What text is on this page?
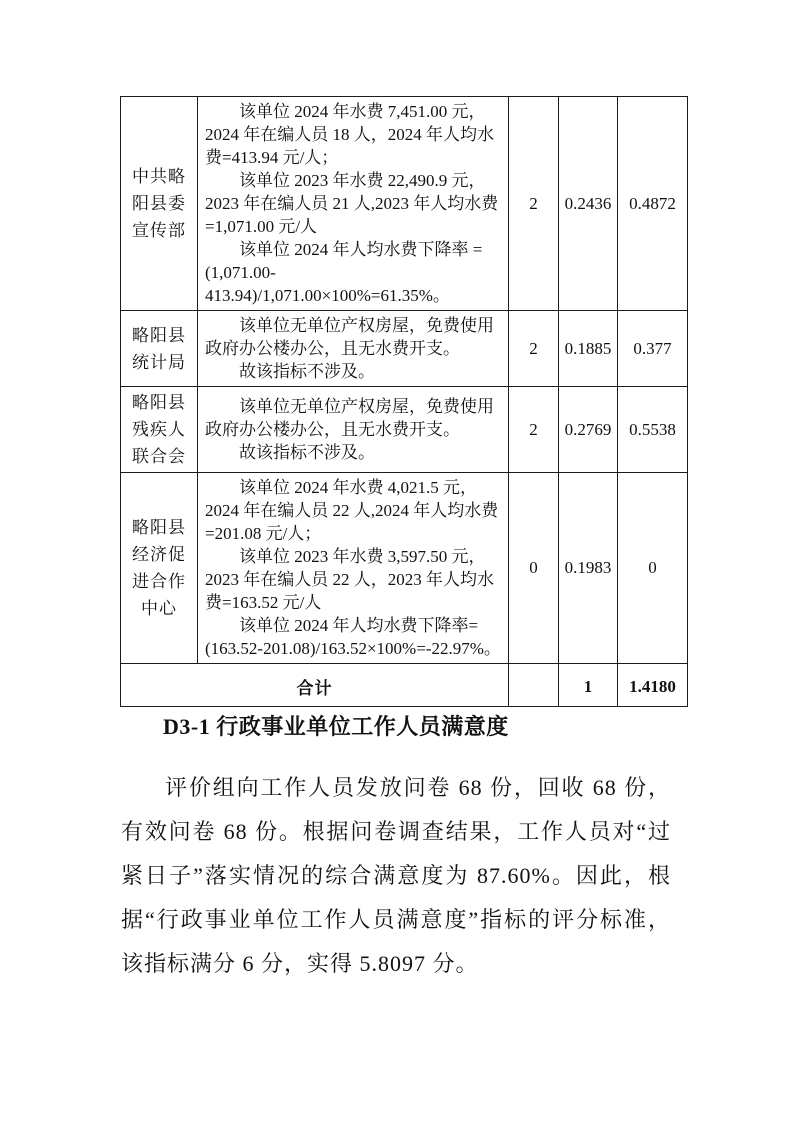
中共略阳县委宣传部	该单位 2024 年水费 7,451.00 元，2024 年在编人员 18 人，2024 年人均水费=413.94 元/人；
该单位 2023 年水费 22,490.9 元，2023 年在编人员 21 人,2023 年人均水费=1,071.00 元/人
该单位 2024 年人均水费下降率 =(1,071.00-413.94)/1,071.00×100%=61.35%。	2	0.2436	0.4872
略阳县统计局	该单位无单位产权房屋，免费使用政府办公楼办公，且无水费开支。
故该指标不涉及。	2	0.1885	0.377
略阳县残疾人联合会	该单位无单位产权房屋，免费使用政府办公楼办公，且无水费开支。
故该指标不涉及。	2	0.2769	0.5538
略阳县经济促进合作中心	该单位 2024 年水费 4,021.5 元，2024 年在编人员 22 人,2024 年人均水费=201.08 元/人；
该单位 2023 年水费 3,597.50 元，2023 年在编人员 22 人，2023 年人均水费=163.52 元/人
该单位 2024 年人均水费下降率= (163.52-201.08)/163.52×100%=-22.97%。	0	0.1983	0
合计			1	1.4180
D3-1 行政事业单位工作人员满意度
评价组向工作人员发放问卷 68 份，回收 68 份，有效问卷 68 份。根据问卷调查结果，工作人员对“过紧日子”落实情况的综合满意度为 87.60%。因此，根据“行政事业单位工作人员满意度”指标的评分标准，该指标满分 6 分，实得 5.8097 分。
